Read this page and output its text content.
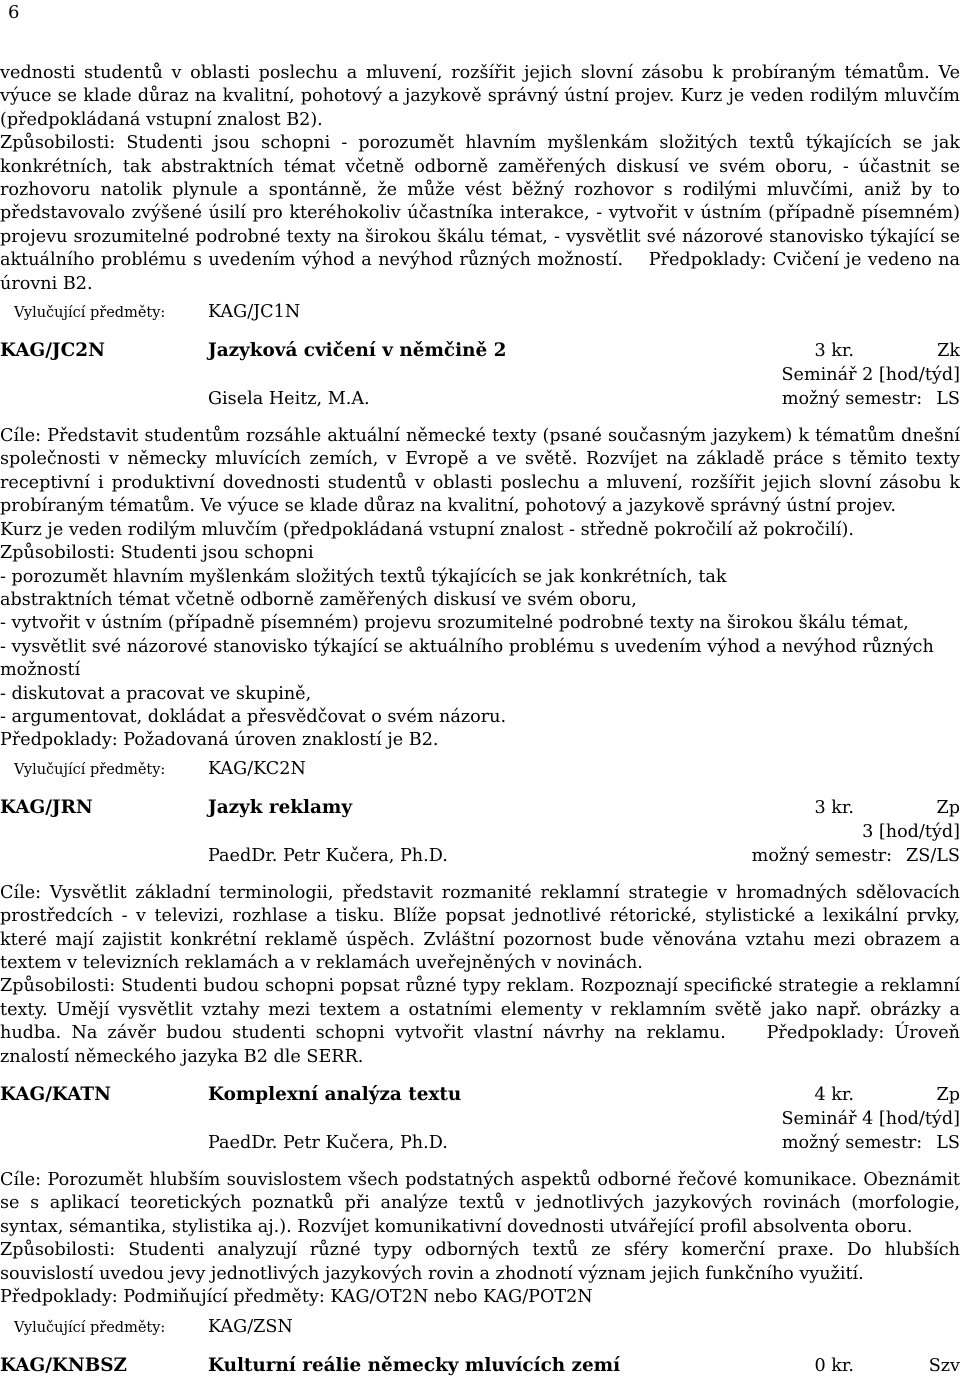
6

vednosti studentů v oblasti poslechu a mluvení, rozšířit jejich slovní zásobu k probíraným tématům. Ve výuce se klade důraz na kvalitní, pohotový a jazykově správný ústní projev. Kurz je veden rodilým mluvčím (předpokládaná vstupní znalost B2).

Způsobilosti: Studenti jsou schopni - porozumět hlavním myšlenkám složitých textů týkajících se jak konkrétních, tak abstraktních témat včetně odborně zaměřených diskusí ve svém oboru, - účastnit se rozhovoru natolik plynule a spontánně, že může vést běžný rozhovor s rodilými mluvčími, aniž by to představovalo zvýšené úsilí pro kteréhokoliv účastníka interakce, - vytvořit v ústním (případně písemném) projevu srozumitelné podrobné texty na širokou škálu témat, - vysvětlit své názorové stanovisko týkající se aktuálního problému s uvedením výhod a nevýhod různých možností.    Předpoklady: Cvičení je vedeno na úrovni B2.

Vylučující předměty: KAG/JC1N
KAG/JC2N	Jazyková cvičení v němčině 2	3 kr.	Zk
Seminář 2 [hod/týd]
Gisela Heitz, M.A.	možný semestr: LS

Cíle: Představit studentům rozsáhle aktuální německé texty (psané současným jazykem) k tématům dnešní společnosti v německy mluvících zemích, v Evropě a ve světě. Rozvíjet na základě práce s těmito texty receptivní i produktivní dovednosti studentů v oblasti poslechu a mluvení, rozšířit jejich slovní zásobu k probíraným tématům. Ve výuce se klade důraz na kvalitní, pohotový a jazykově správný ústní projev.

Kurz je veden rodilým mluvčím (předpokládaná vstupní znalost - středně pokročilí až pokročilí).

Způsobilosti: Studenti jsou schopni

- porozumět hlavním myšlenkám složitých textů týkajících se jak konkrétních, tak

abstraktních témat včetně odborně zaměřených diskusí ve svém oboru,

- vytvořit v ústním (případně písemném) projevu srozumitelné podrobné texty na širokou škálu témat,

- vysvětlit své názorové stanovisko týkající se aktuálního problému s uvedením výhod a nevýhod různých možností

- diskutovat a pracovat ve skupině,

- argumentovat, dokládat a přesvědčovat o svém názoru.

Předpoklady: Požadovaná úroven znaklostí je B2.

Vylučující předměty: KAG/KC2N
KAG/JRN	Jazyk reklamy	3 kr.	Zp
3 [hod/týd]
PaedDr. Petr Kučera, Ph.D.	možný semestr: ZS/LS

Cíle: Vysvětlit základní terminologii, představit rozmanité reklamní strategie v hromadných sdělovacích prostředcích - v televizi, rozhlase a tisku. Blíže popsat jednotlivé rétorické, stylistické a lexikální prvky, které mají zajistit konkrétní reklamě úspěch. Zvláštní pozornost bude věnována vztahu mezi obrazem a textem v televizních reklamách a v reklamách uveřejněných v novinách.

Způsobilosti: Studenti budou schopni popsat různé typy reklam. Rozpoznají specifické strategie a reklamní texty. Umějí vysvětlit vztahy mezi textem a ostatními elementy v reklamním světě jako např. obrázky a hudba. Na závěr budou studenti schopni vytvořit vlastní návrhy na reklamu.    Předpoklady: Úroveň znalostí německého jazyka B2 dle SERR.

KAG/KATN	Komplexní analýza textu	4 kr.	Zp
Seminář 4 [hod/týd]
PaedDr. Petr Kučera, Ph.D.	možný semestr: LS

Cíle: Porozumět hlubším souvislostem všech podstatných aspektů odborné řečové komunikace. Obeznámit se s aplikací teoretických poznatků při analýze textů v jednotlivých jazykových rovinách (morfologie, syntax, sémantika, stylistika aj.). Rozvíjet komunikativní dovednosti utvářející profil absolventa oboru.

Způsobilosti: Studenti analyzují různé typy odborných textů ze sféry komerční praxe. Do hlubších souvislostí uvedou jevy jednotlivých jazykových rovin a zhodnotí význam jejich funkčního využití.

Předpoklady: Podmiňující předměty: KAG/OT2N nebo KAG/POT2N

Vylučující předměty: KAG/ZSN
KAG/KNBSZ	Kulturní reálie německy mluvících zemí	0 kr.	Szv
